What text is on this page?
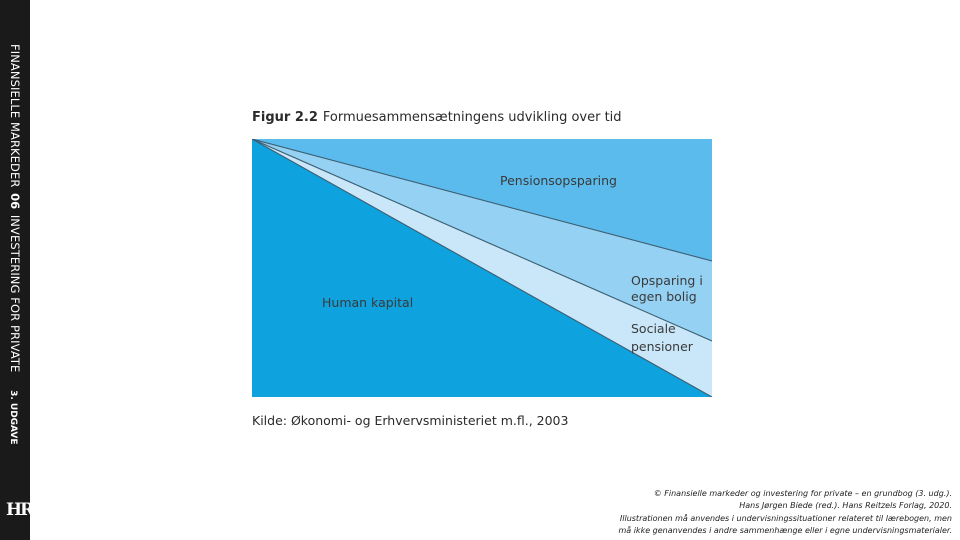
FINANSIELLE MARKEDER 06 INVESTERING FOR PRIVATE 3. UDGAVE
HR
Figur 2.2 Formuesammensætningens udvikling over tid
Pensionsopsparing
Human kapital
Opsparing i
egen bolig
Sociale
pensioner
Kilde: Økonomi- og Erhvervsministeriet m.fl., 2003
© Finansielle markeder og investering for private – en grundbog (3. udg.).
Hans Jørgen Biede (red.). Hans Reitzels Forlag, 2020.
Illustrationen må anvendes i undervisningssituationer relateret til lærebogen, men
må ikke genanvendes i andre sammenhænge eller i egne undervisningsmaterialer.
